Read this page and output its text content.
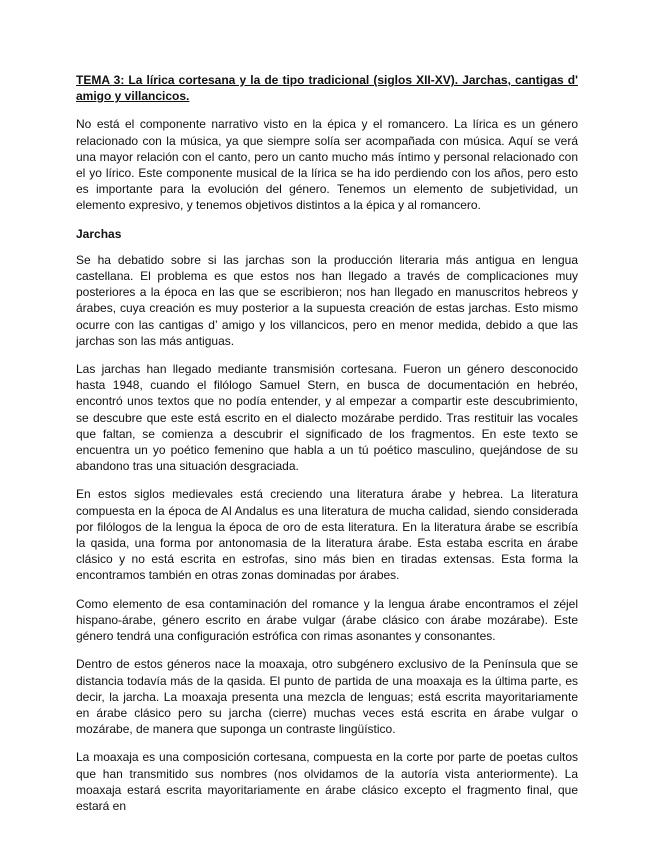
TEMA 3: La lírica cortesana y la de tipo tradicional (siglos XII-XV). Jarchas, cantigas d' amigo y villancicos.

No está el componente narrativo visto en la épica y el romancero. La lírica es un género relacionado con la música, ya que siempre solía ser acompañada con música. Aquí se verá una mayor relación con el canto, pero un canto mucho más íntimo y personal relacionado con el yo lírico. Este componente musical de la lírica se ha ido perdiendo con los años, pero esto es importante para la evolución del género. Tenemos un elemento de subjetividad, un elemento expresivo, y tenemos objetivos distintos a la épica y al romancero.

Jarchas

Se ha debatido sobre si las jarchas son la producción literaria más antigua en lengua castellana. El problema es que estos nos han llegado a través de complicaciones muy posteriores a la época en las que se escribieron; nos han llegado en manuscritos hebreos y árabes, cuya creación es muy posterior a la supuesta creación de estas jarchas. Esto mismo ocurre con las cantigas d’ amigo y los villancicos, pero en menor medida, debido a que las jarchas son las más antiguas.

Las jarchas han llegado mediante transmisión cortesana. Fueron un género desconocido hasta 1948, cuando el filólogo Samuel Stern, en busca de documentación en hebréo, encontró unos textos que no podía entender, y al empezar a compartir este descubrimiento, se descubre que este está escrito en el dialecto mozárabe perdido. Tras restituir las vocales que faltan, se comienza a descubrir el significado de los fragmentos. En este texto se encuentra un yo poético femenino que habla a un tú poético masculino, quejándose de su abandono tras una situación desgraciada.

En estos siglos medievales está creciendo una literatura árabe y hebrea. La literatura compuesta en la época de Al Andalus es una literatura de mucha calidad, siendo considerada por filólogos de la lengua la época de oro de esta literatura. En la literatura árabe se escribía la qasida, una forma por antonomasia de la literatura árabe. Esta estaba escrita en árabe clásico y no está escrita en estrofas, sino más bien en tiradas extensas. Esta forma la encontramos también en otras zonas dominadas por árabes.

Como elemento de esa contaminación del romance y la lengua árabe encontramos el zéjel hispano-árabe, género escrito en árabe vulgar (árabe clásico con árabe mozárabe). Este género tendrá una configuración estrófica con rimas asonantes y consonantes.

Dentro de estos géneros nace la moaxaja, otro subgénero exclusivo de la Península que se distancia todavía más de la qasida. El punto de partida de una moaxaja es la última parte, es decir, la jarcha. La moaxaja presenta una mezcla de lenguas; está escrita mayoritariamente en árabe clásico pero su jarcha (cierre) muchas veces está escrita en árabe vulgar o mozárabe, de manera que suponga un contraste lingüístico.

La moaxaja es una composición cortesana, compuesta en la corte por parte de poetas cultos que han transmitido sus nombres (nos olvidamos de la autoría vista anteriormente). La moaxaja estará escrita mayoritariamente en árabe clásico excepto el fragmento final, que estará en
